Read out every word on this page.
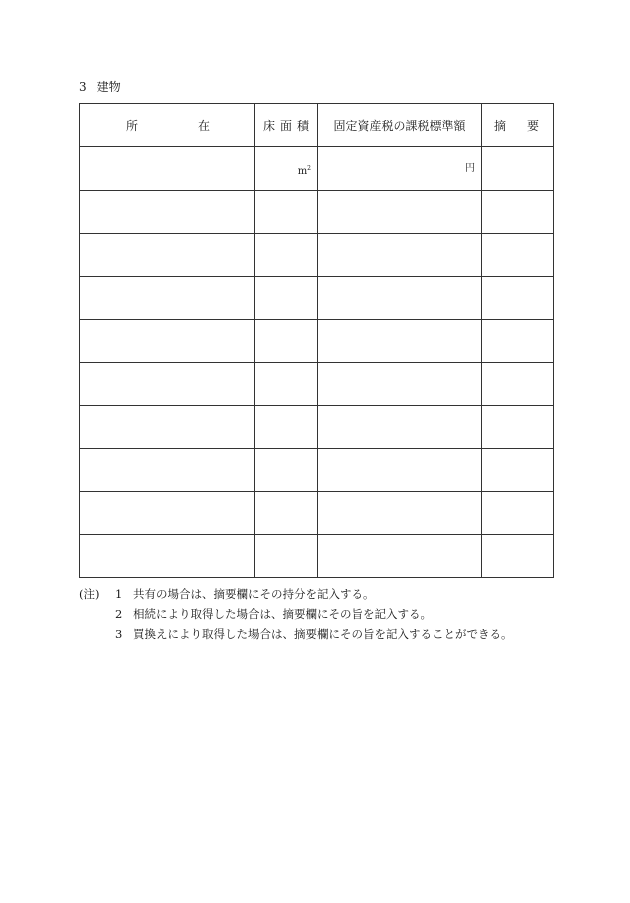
3 建物
所 在	床 面 積	固定資産税の課税標準額	摘 要

	$m^2$	円	

(注)	1 共有の場合は、摘要欄にその持分を記入する。
2 相続により取得した場合は、摘要欄にその旨を記入する。
3 買換えにより取得した場合は、摘要欄にその旨を記入することができる。
